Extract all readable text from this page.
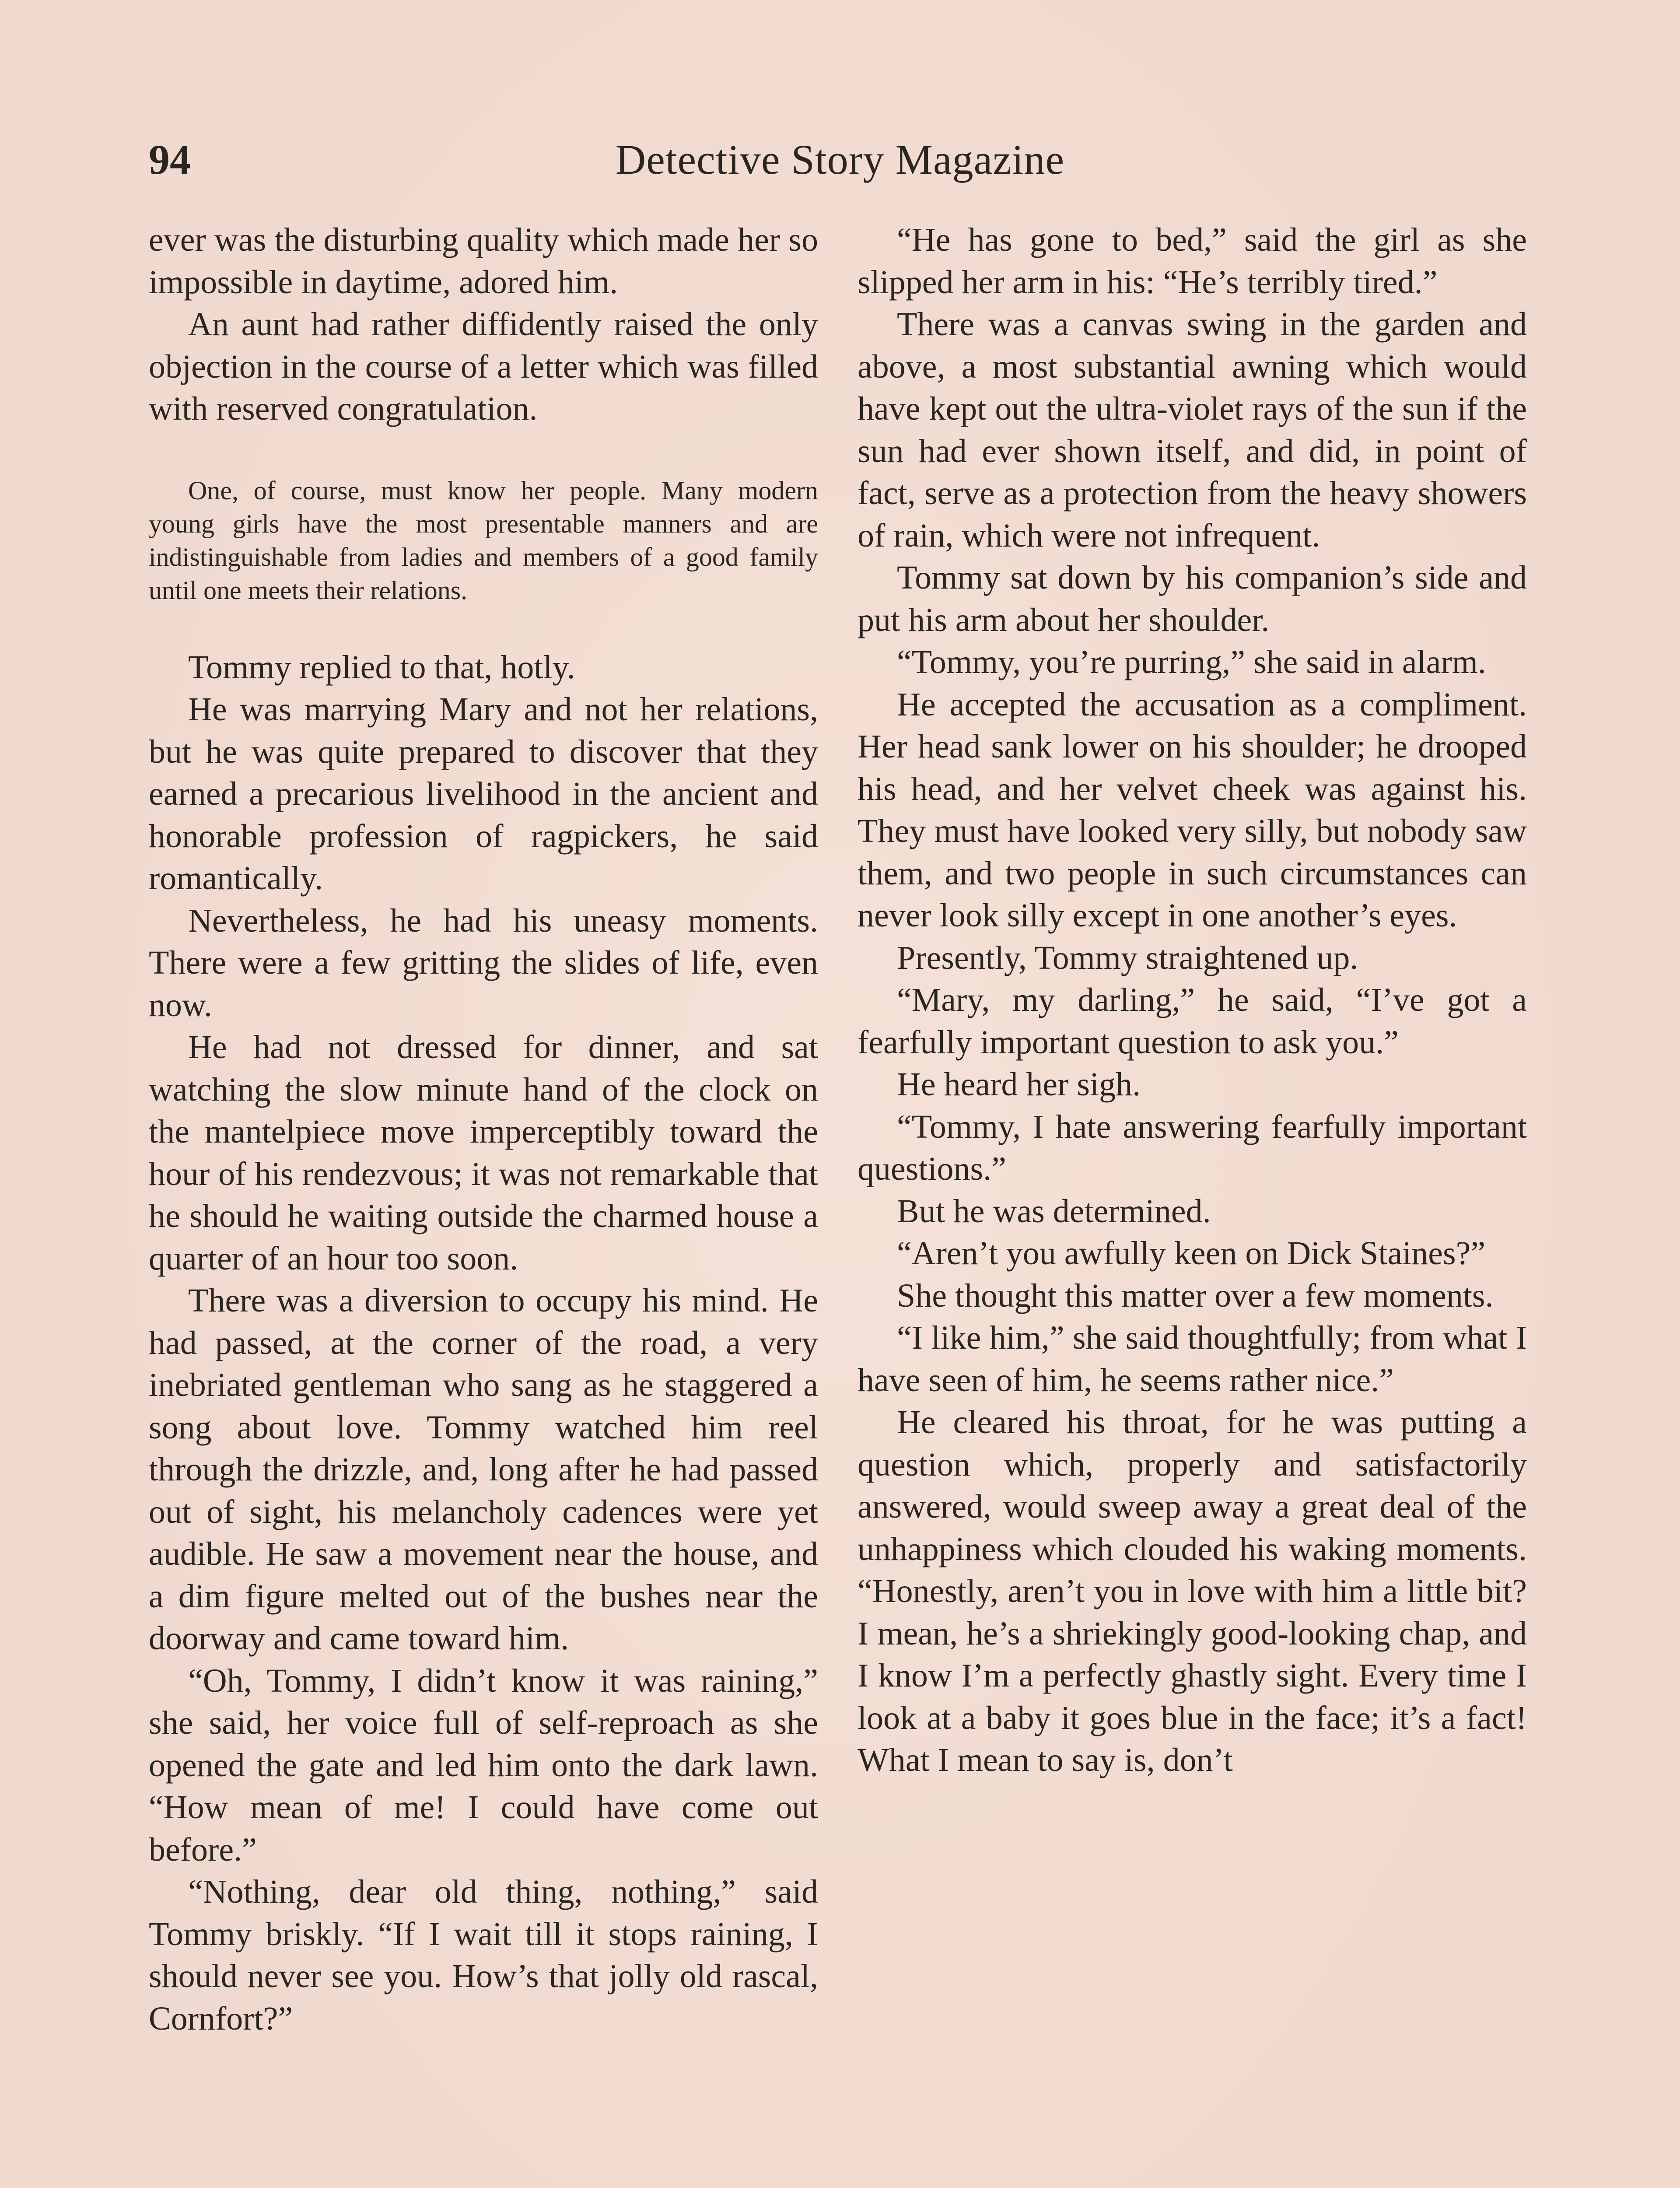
94	Detective Story Magazine

ever was the disturbing quality which made her so impossible in daytime, adored him.

An aunt had rather diffidently raised the only objection in the course of a letter which was filled with reserved congratulation.

One, of course, must know her people. Many modern young girls have the most presentable manners and are indistinguishable from ladies and members of a good family until one meets their relations.

Tommy replied to that, hotly.

He was marrying Mary and not her relations, but he was quite prepared to discover that they earned a precarious livelihood in the ancient and honorable profession of ragpickers, he said romantically.

Nevertheless, he had his uneasy moments. There were a few gritting the slides of life, even now.

He had not dressed for dinner, and sat watching the slow minute hand of the clock on the mantelpiece move imperceptibly toward the hour of his rendezvous; it was not remarkable that he should he waiting outside the charmed house a quarter of an hour too soon.

There was a diversion to occupy his mind. He had passed, at the corner of the road, a very inebriated gentleman who sang as he staggered a song about love. Tommy watched him reel through the drizzle, and, long after he had passed out of sight, his melancholy cadences were yet audible. He saw a movement near the house, and a dim figure melted out of the bushes near the doorway and came toward him.

“Oh, Tommy, I didn’t know it was raining,” she said, her voice full of self-reproach as she opened the gate and led him onto the dark lawn. “How mean of me! I could have come out before.”

“Nothing, dear old thing, nothing,” said Tommy briskly. “If I wait till it stops raining, I should never see you. How’s that jolly old rascal, Cornfort?”

“He has gone to bed,” said the girl as she slipped her arm in his: “He’s terribly tired.”

There was a canvas swing in the garden and above, a most substantial awning which would have kept out the ultra-violet rays of the sun if the sun had ever shown itself, and did, in point of fact, serve as a protection from the heavy showers of rain, which were not infrequent.

Tommy sat down by his companion’s side and put his arm about her shoulder.

“Tommy, you’re purring,” she said in alarm.

He accepted the accusation as a compliment. Her head sank lower on his shoulder; he drooped his head, and her velvet cheek was against his. They must have looked very silly, but nobody saw them, and two people in such circumstances can never look silly except in one another’s eyes.

Presently, Tommy straightened up.

“Mary, my darling,” he said, “I’ve got a fearfully important question to ask you.”

He heard her sigh.

“Tommy, I hate answering fearfully important questions.”

But he was determined.

“Aren’t you awfully keen on Dick Staines?”

She thought this matter over a few moments.

“I like him,” she said thoughtfully; from what I have seen of him, he seems rather nice.”

He cleared his throat, for he was putting a question which, properly and satisfactorily answered, would sweep away a great deal of the unhappiness which clouded his waking moments. “Honestly, aren’t you in love with him a little bit? I mean, he’s a shriekingly good-looking chap, and I know I’m a perfectly ghastly sight. Every time I look at a baby it goes blue in the face; it’s a fact! What I mean to say is, don’t
